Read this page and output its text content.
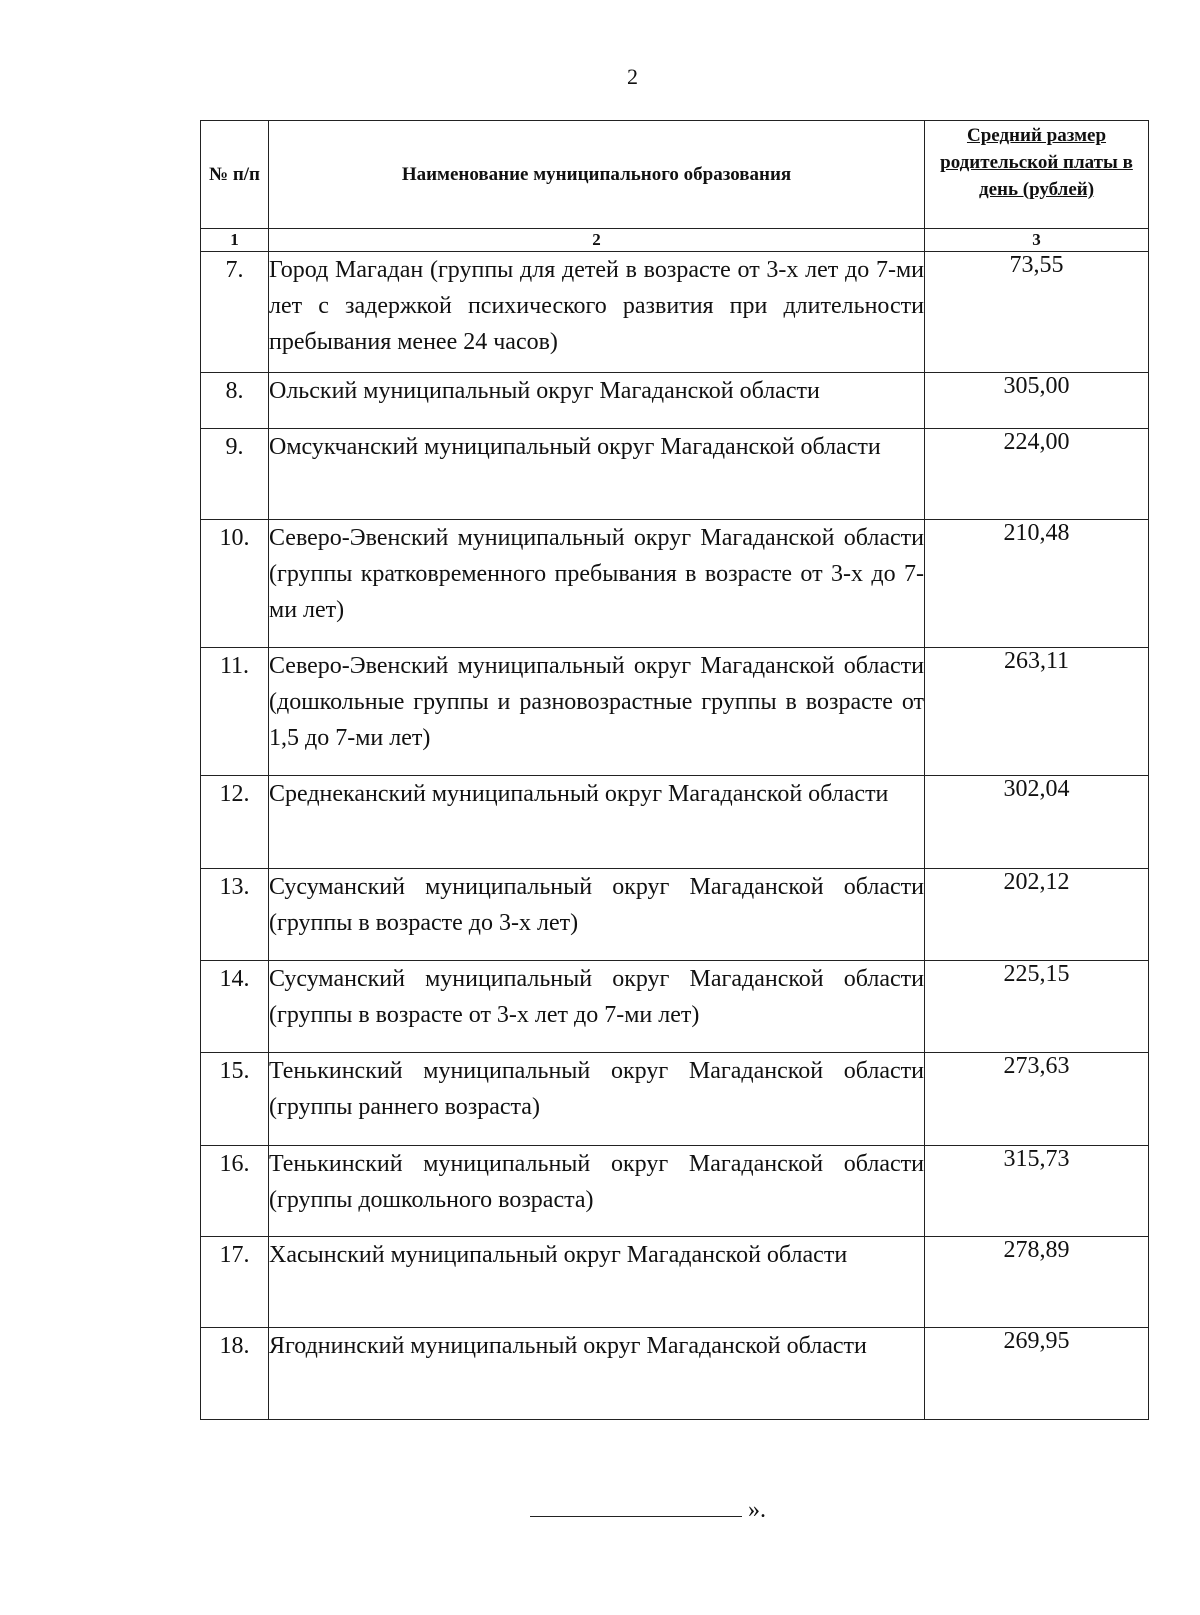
2
№ п/п	Наименование муниципального образования	Средний размер родительской платы в день (рублей)

1	2	3
7.	Город Магадан (группы для детей в возрасте от 3-х лет до 7-ми лет с задержкой психического развития при длительности пребывания менее 24 часов)	73,55
8.	Ольский муниципальный округ Магаданской области	305,00
9.	Омсукчанский муниципальный округ Магаданской области	224,00
10.	Северо-Эвенский муниципальный округ Магаданской области (группы кратковременного пребывания в возрасте от 3-х до 7-ми лет)	210,48
11.	Северо-Эвенский муниципальный округ Магаданской области (дошкольные группы и разновозрастные группы в возрасте от 1,5 до 7-ми лет)	263,11
12.	Среднеканский муниципальный округ Магаданской области	302,04
13.	Сусуманский муниципальный округ Магаданской области (группы в возрасте до 3-х лет)	202,12
14.	Сусуманский муниципальный округ Магаданской области (группы в возрасте от 3-х лет до 7-ми лет)	225,15
15.	Тенькинский муниципальный округ Магаданской области (группы раннего возраста)	273,63
16.	Тенькинский муниципальный округ Магаданской области (группы дошкольного возраста)	315,73
17.	Хасынский муниципальный округ Магаданской области	278,89
18.	Ягоднинский муниципальный округ Магаданской области	269,95
».
